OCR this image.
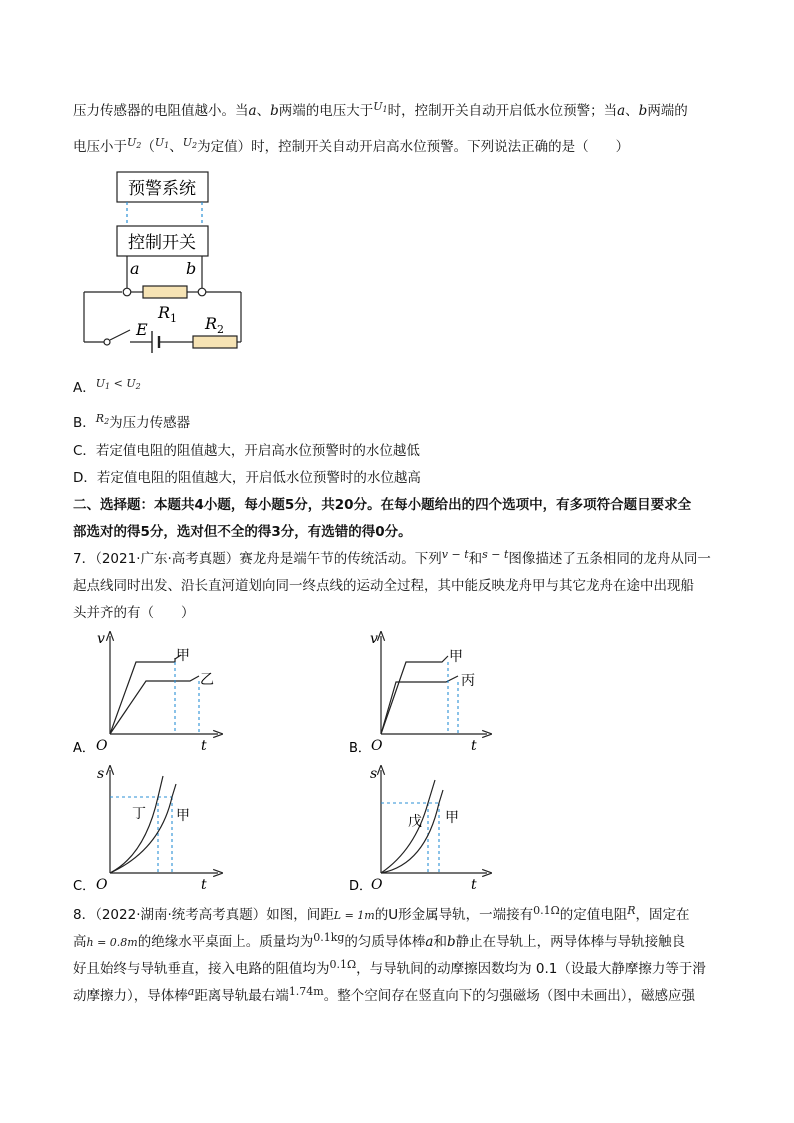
压力传感器的电阻值越小。当a、b两端的电压大于$^{U_1}$时，控制开关自动开启低水位预警；当a、b两端的
电压小于$^{U_2}$（$^{U_1}$、$^{U_2}$为定值）时，控制开关自动开启高水位预警。下列说法正确的是（　　）
预警系统
控制开关
a	b
$R_1$
E	$R_2$
A．$^{U_1 < U_2}$
B．$^{R_2}$为压力传感器
C．若定值电阻的阻值越大，开启高水位预警时的水位越低
D．若定值电阻的阻值越大，开启低水位预警时的水位越高
二、选择题：本题共4小题，每小题5分，共20分。在每小题给出的四个选项中，有多项符合题目要求全
部选对的得5分，选对但不全的得3分，有选错的得0分。
7．（2021·广东·高考真题）赛龙舟是端午节的传统活动。下列$^{v - t}$和$^{s - t}$图像描述了五条相同的龙舟从同一
起点线同时出发、沿长直河道划向同一终点线的运动全过程，其中能反映龙舟甲与其它龙舟在途中出现船
头并齐的有（　　）
v
t
O
甲
乙
A．
v
t
O
甲
丙
B．
s
t
O
丁 甲
C．
s
t
O
戊 甲
D．
8．（2022·湖南·统考高考真题）如图，间距L = 1m的U形金属导轨，一端接有$^{0.1\Omega}$的定值电阻$^R$，固定在
高h = 0.8m的绝缘水平桌面上。质量均为$^{0.1kg}$的匀质导体棒a和b静止在导轨上，两导体棒与导轨接触良
好且始终与导轨垂直，接入电路的阻值均为$^{0.1\Omega}$，与导轨间的动摩擦因数均为 0.1（设最大静摩擦力等于滑
动摩擦力），导体棒$^a$距离导轨最右端$^{1.74m}$。整个空间存在竖直向下的匀强磁场（图中未画出），磁感应强
